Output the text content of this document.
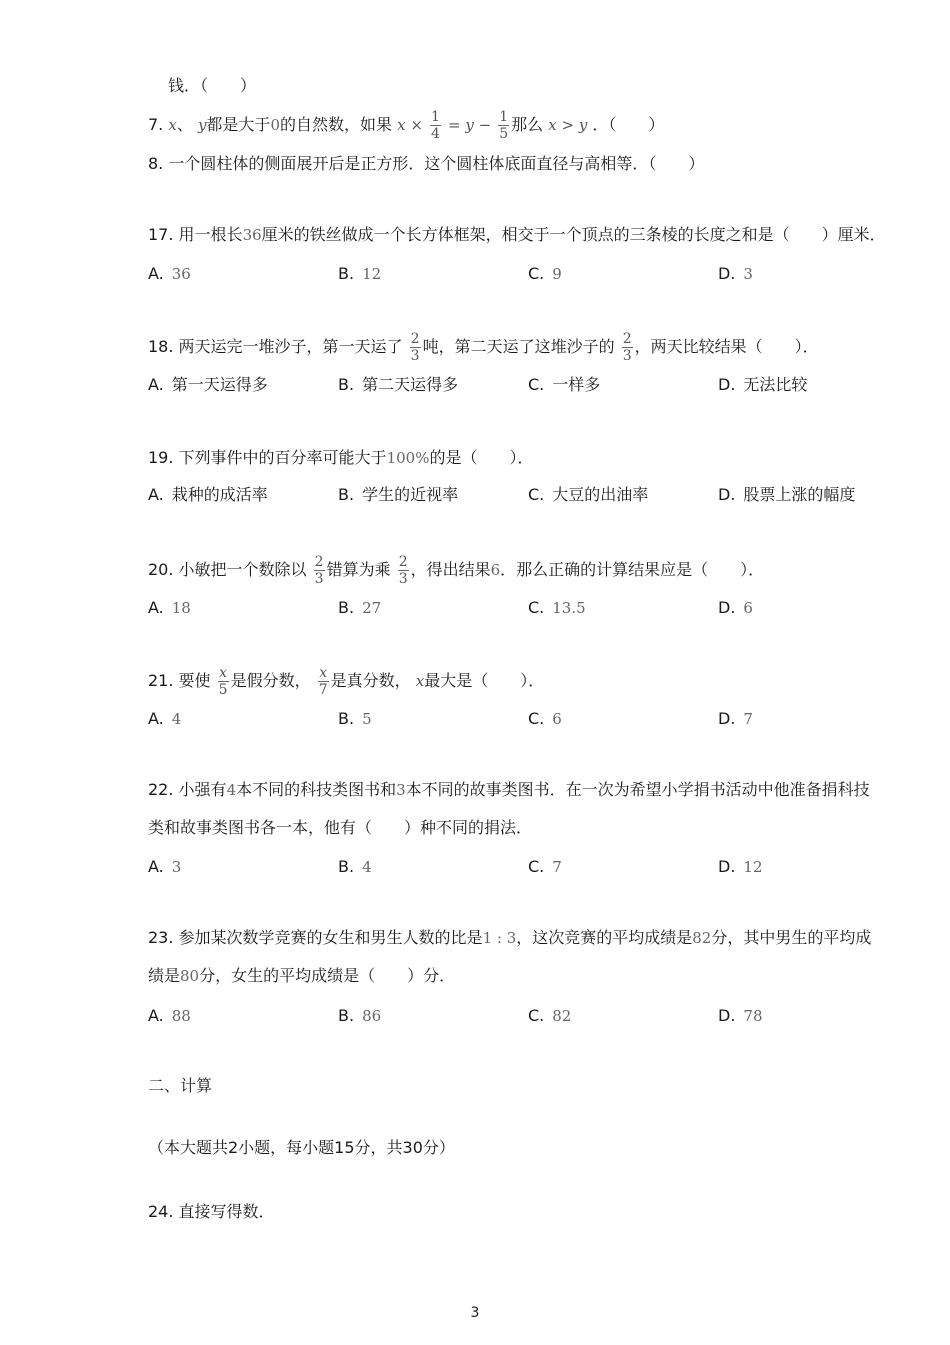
钱．（　　）
7. x、 y都是大于0的自然数，如果 $x \times \frac{1}{4} = y - \frac{1}{5}$ 那么 x > y ．（　　）
8. 一个圆柱体的侧面展开后是正方形．这个圆柱体底面直径与高相等．（　　）
17. 用一根长36厘米的铁丝做成一个长方体框架，相交于一个顶点的三条棱的长度之和是（　　）厘米．
A. 36	B. 12	C. 9	D. 3
18. 两天运完一堆沙子，第一天运了 $\frac{2}{3}$ 吨，第二天运了这堆沙子的 $\frac{2}{3}$ ，两天比较结果（　　）．
A. 第一天运得多	B. 第二天运得多	C. 一样多	D. 无法比较
19. 下列事件中的百分率可能大于100%的是（　　）．
A. 栽种的成活率	B. 学生的近视率	C. 大豆的出油率	D. 股票上涨的幅度
20. 小敏把一个数除以 $\frac{2}{3}$ 错算为乘 $\frac{2}{3}$ ，得出结果6．那么正确的计算结果应是（　　）．
A. 18	B. 27	C. 13.5	D. 6
21. 要使 $\frac{x}{5}$ 是假分数， $\frac{x}{7}$ 是真分数， x最大是（　　）．
A. 4	B. 5	C. 6	D. 7
22. 小强有4本不同的科技类图书和3本不同的故事类图书．在一次为希望小学捐书活动中他准备捐科技
类和故事类图书各一本，他有（　　）种不同的捐法．
A. 3	B. 4	C. 7	D. 12
23. 参加某次数学竞赛的女生和男生人数的比是1 : 3，这次竞赛的平均成绩是82分，其中男生的平均成
绩是80分，女生的平均成绩是（　　）分．
A. 88	B. 86	C. 82	D. 78
二、计算
（本大题共2小题，每小题15分，共30分）
24. 直接写得数．
3
